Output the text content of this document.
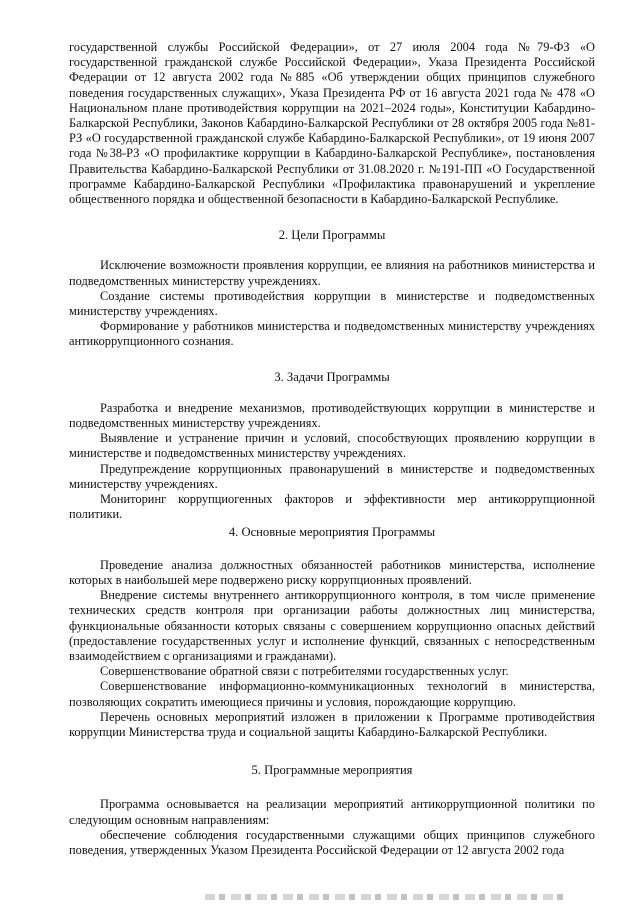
государственной службы Российской Федерации», от 27 июля 2004 года №79-ФЗ «О государственной гражданской службе Российской Федерации», Указа Президента Российской Федерации от 12 августа 2002 года №885 «Об утверждении общих принципов служебного поведения государственных служащих», Указа Президента РФ от 16 августа 2021 года № 478 «О Национальном плане противодействия коррупции на 2021–2024 годы», Конституции Кабардино-Балкарской Республики, Законов Кабардино-Балкарской Республики от 28 октября 2005 года №81-РЗ «О государственной гражданской службе Кабардино-Балкарской Республики», от 19 июня 2007 года №38-РЗ «О профилактике коррупции в Кабардино-Балкарской Республике», постановления Правительства Кабардино-Балкарской Республики от 31.08.2020 г. №191-ПП «О Государственной программе Кабардино-Балкарской Республики «Профилактика правонарушений и укрепление общественного порядка и общественной безопасности в Кабардино-Балкарской Республике.

2. Цели Программы

Исключение возможности проявления коррупции, ее влияния на работников министерства и подведомственных министерству учреждениях.

Создание системы противодействия коррупции в министерстве и подведомственных министерству учреждениях.

Формирование у работников министерства и подведомственных министерству учреждениях антикоррупционного сознания.

3. Задачи Программы

Разработка и внедрение механизмов, противодействующих коррупции в министерстве и подведомственных министерству учреждениях.

Выявление и устранение причин и условий, способствующих проявлению коррупции в министерстве и подведомственных министерству учреждениях.

Предупреждение коррупционных правонарушений в министерстве и подведомственных министерству учреждениях.

Мониторинг коррупциогенных факторов и эффективности мер антикоррупционной политики.

4. Основные мероприятия Программы

Проведение анализа должностных обязанностей работников министерства, исполнение которых в наибольшей мере подвержено риску коррупционных проявлений.

Внедрение системы внутреннего антикоррупционного контроля, в том числе применение технических средств контроля при организации работы должностных лиц министерства, функциональные обязанности которых связаны с совершением коррупционно опасных действий (предоставление государственных услуг и исполнение функций, связанных с непосредственным взаимодействием с организациями и гражданами).

Совершенствование обратной связи с потребителями государственных услуг.

Совершенствование информационно-коммуникационных технологий в министерства, позволяющих сократить имеющиеся причины и условия, порождающие коррупцию.

Перечень основных мероприятий изложен в приложении к Программе противодействия коррупции Министерства труда и социальной защиты Кабардино-Балкарской Республики.

5. Программные мероприятия

Программа основывается на реализации мероприятий антикоррупционной политики по следующим основным направлениям:

обеспечение соблюдения государственными служащими общих принципов служебного поведения, утвержденных Указом Президента Российской Федерации от 12 августа 2002 года
